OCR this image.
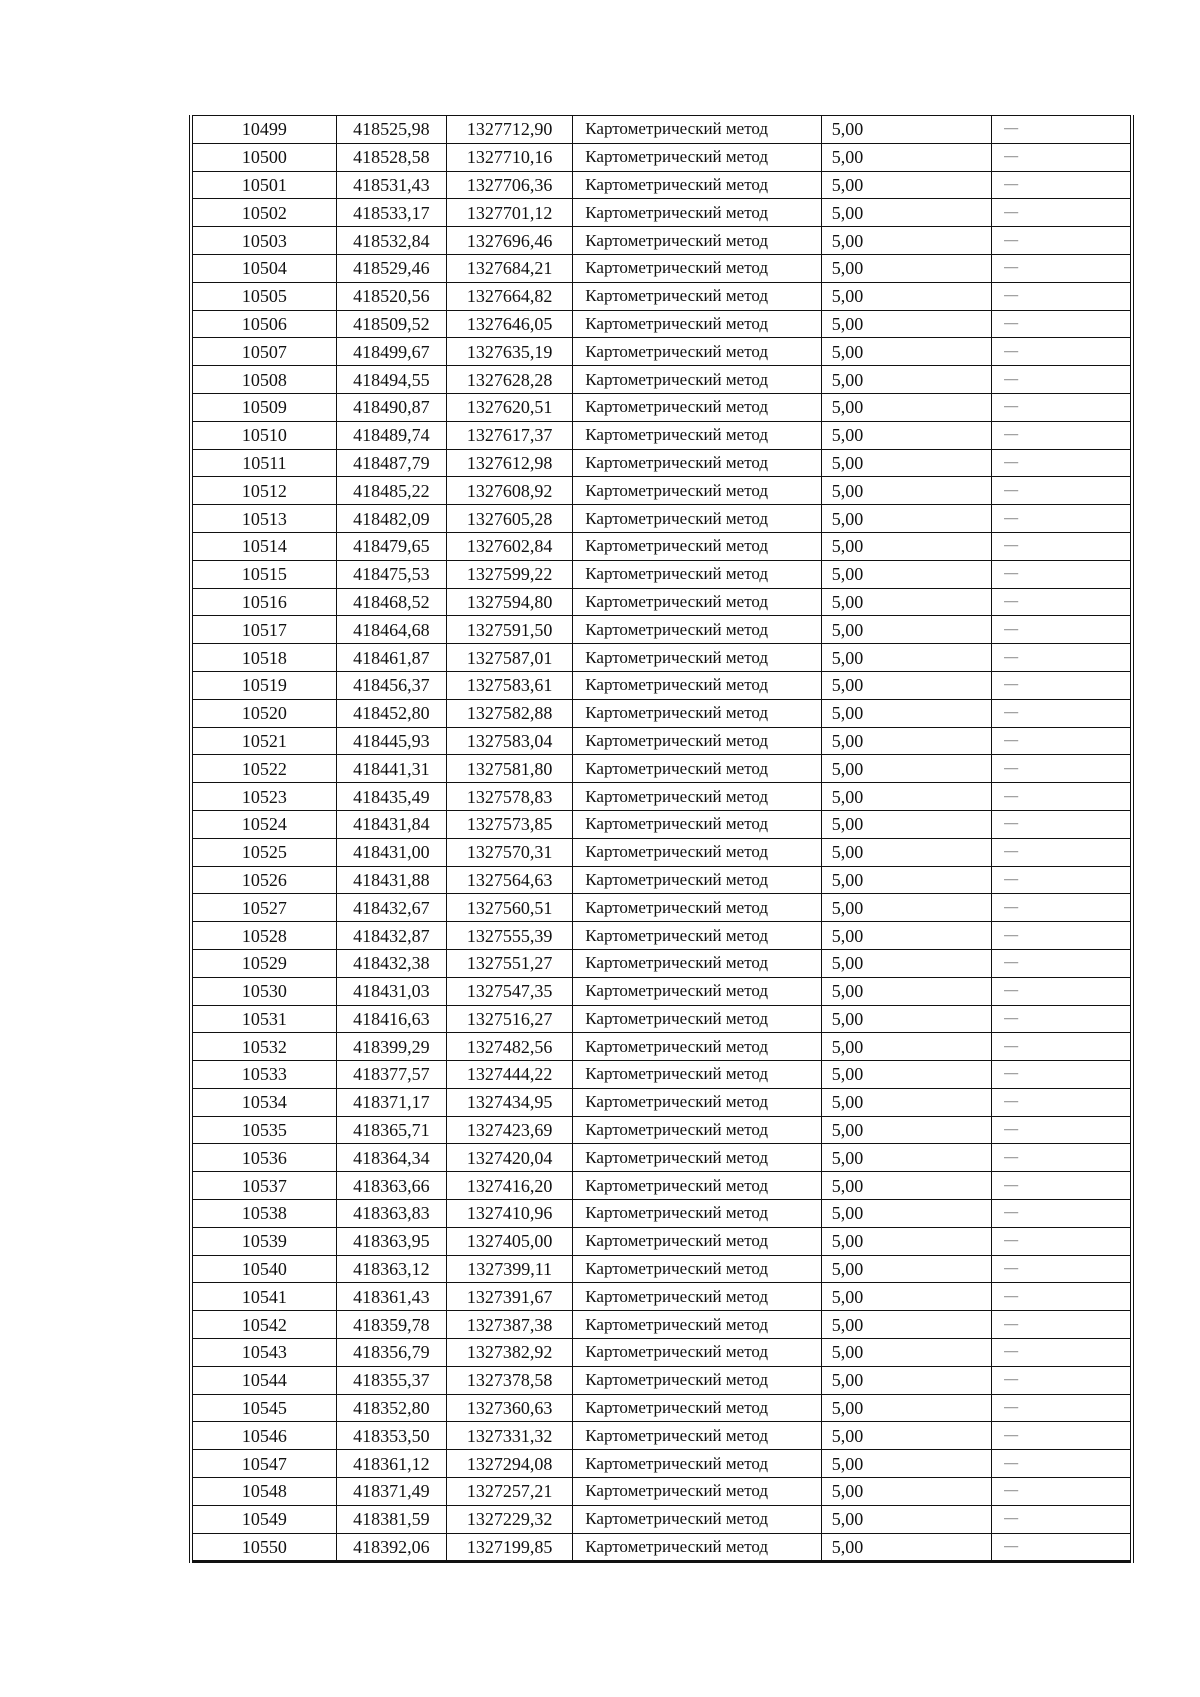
10499	418525,98	1327712,90	Картометрический метод	5,00	—
10500	418528,58	1327710,16	Картометрический метод	5,00	—
10501	418531,43	1327706,36	Картометрический метод	5,00	—
10502	418533,17	1327701,12	Картометрический метод	5,00	—
10503	418532,84	1327696,46	Картометрический метод	5,00	—
10504	418529,46	1327684,21	Картометрический метод	5,00	—
10505	418520,56	1327664,82	Картометрический метод	5,00	—
10506	418509,52	1327646,05	Картометрический метод	5,00	—
10507	418499,67	1327635,19	Картометрический метод	5,00	—
10508	418494,55	1327628,28	Картометрический метод	5,00	—
10509	418490,87	1327620,51	Картометрический метод	5,00	—
10510	418489,74	1327617,37	Картометрический метод	5,00	—
10511	418487,79	1327612,98	Картометрический метод	5,00	—
10512	418485,22	1327608,92	Картометрический метод	5,00	—
10513	418482,09	1327605,28	Картометрический метод	5,00	—
10514	418479,65	1327602,84	Картометрический метод	5,00	—
10515	418475,53	1327599,22	Картометрический метод	5,00	—
10516	418468,52	1327594,80	Картометрический метод	5,00	—
10517	418464,68	1327591,50	Картометрический метод	5,00	—
10518	418461,87	1327587,01	Картометрический метод	5,00	—
10519	418456,37	1327583,61	Картометрический метод	5,00	—
10520	418452,80	1327582,88	Картометрический метод	5,00	—
10521	418445,93	1327583,04	Картометрический метод	5,00	—
10522	418441,31	1327581,80	Картометрический метод	5,00	—
10523	418435,49	1327578,83	Картометрический метод	5,00	—
10524	418431,84	1327573,85	Картометрический метод	5,00	—
10525	418431,00	1327570,31	Картометрический метод	5,00	—
10526	418431,88	1327564,63	Картометрический метод	5,00	—
10527	418432,67	1327560,51	Картометрический метод	5,00	—
10528	418432,87	1327555,39	Картометрический метод	5,00	—
10529	418432,38	1327551,27	Картометрический метод	5,00	—
10530	418431,03	1327547,35	Картометрический метод	5,00	—
10531	418416,63	1327516,27	Картометрический метод	5,00	—
10532	418399,29	1327482,56	Картометрический метод	5,00	—
10533	418377,57	1327444,22	Картометрический метод	5,00	—
10534	418371,17	1327434,95	Картометрический метод	5,00	—
10535	418365,71	1327423,69	Картометрический метод	5,00	—
10536	418364,34	1327420,04	Картометрический метод	5,00	—
10537	418363,66	1327416,20	Картометрический метод	5,00	—
10538	418363,83	1327410,96	Картометрический метод	5,00	—
10539	418363,95	1327405,00	Картометрический метод	5,00	—
10540	418363,12	1327399,11	Картометрический метод	5,00	—
10541	418361,43	1327391,67	Картометрический метод	5,00	—
10542	418359,78	1327387,38	Картометрический метод	5,00	—
10543	418356,79	1327382,92	Картометрический метод	5,00	—
10544	418355,37	1327378,58	Картометрический метод	5,00	—
10545	418352,80	1327360,63	Картометрический метод	5,00	—
10546	418353,50	1327331,32	Картометрический метод	5,00	—
10547	418361,12	1327294,08	Картометрический метод	5,00	—
10548	418371,49	1327257,21	Картометрический метод	5,00	—
10549	418381,59	1327229,32	Картометрический метод	5,00	—
10550	418392,06	1327199,85	Картометрический метод	5,00	—
